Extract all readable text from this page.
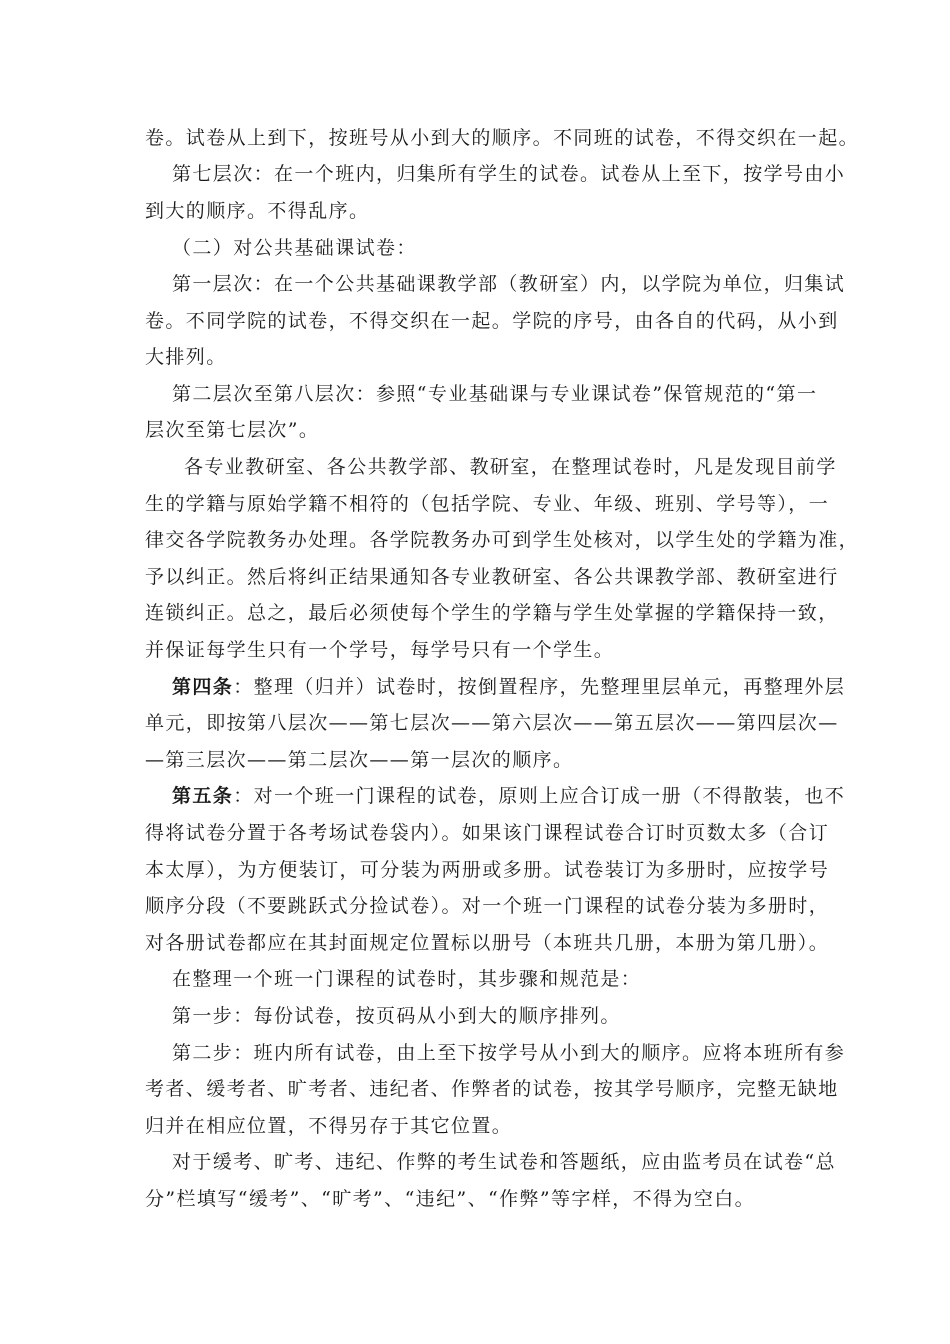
卷。试卷从上到下，按班号从小到大的顺序。不同班的试卷，不得交织在一起。
第七层次：在一个班内，归集所有学生的试卷。试卷从上至下，按学号由小
到大的顺序。不得乱序。
（二）对公共基础课试卷：
第一层次：在一个公共基础课教学部（教研室）内，以学院为单位，归集试
卷。不同学院的试卷，不得交织在一起。学院的序号，由各自的代码，从小到
大排列。
第二层次至第八层次：参照“专业基础课与专业课试卷”保管规范的“第一
层次至第七层次”。
各专业教研室、各公共教学部、教研室，在整理试卷时，凡是发现目前学
生的学籍与原始学籍不相符的（包括学院、专业、年级、班别、学号等），一
律交各学院教务办处理。各学院教务办可到学生处核对，以学生处的学籍为准，
予以纠正。然后将纠正结果通知各专业教研室、各公共课教学部、教研室进行
连锁纠正。总之，最后必须使每个学生的学籍与学生处掌握的学籍保持一致，
并保证每学生只有一个学号，每学号只有一个学生。
第四条：整理（归并）试卷时，按倒置程序，先整理里层单元，再整理外层
单元，即按第八层次——第七层次——第六层次——第五层次——第四层次—
—第三层次——第二层次——第一层次的顺序。
第五条：对一个班一门课程的试卷，原则上应合订成一册（不得散装，也不
得将试卷分置于各考场试卷袋内）。如果该门课程试卷合订时页数太多（合订
本太厚），为方便装订，可分装为两册或多册。试卷装订为多册时，应按学号
顺序分段（不要跳跃式分捡试卷）。对一个班一门课程的试卷分装为多册时，
对各册试卷都应在其封面规定位置标以册号（本班共几册，本册为第几册）。
在整理一个班一门课程的试卷时，其步骤和规范是：
第一步：每份试卷，按页码从小到大的顺序排列。
第二步：班内所有试卷，由上至下按学号从小到大的顺序。应将本班所有参
考者、缓考者、旷考者、违纪者、作弊者的试卷，按其学号顺序，完整无缺地
归并在相应位置，不得另存于其它位置。
对于缓考、旷考、违纪、作弊的考生试卷和答题纸，应由监考员在试卷“总
分”栏填写“缓考”、“旷考”、“违纪”、“作弊”等字样，不得为空白。
